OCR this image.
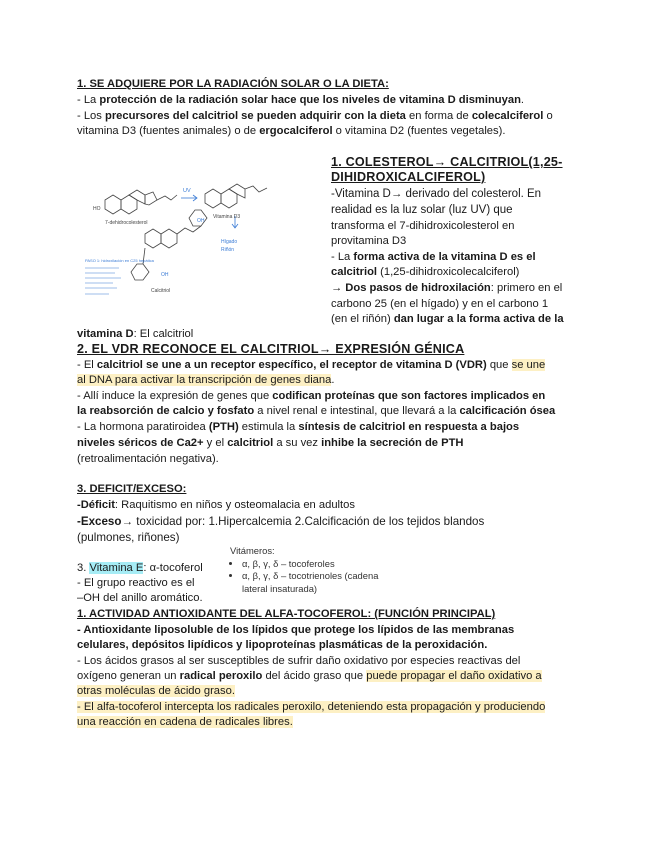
1. SE ADQUIERE POR LA RADIACIÓN SOLAR O LA DIETA:
- La protección de la radiación solar hace que los niveles de vitamina D disminuyan.
- Los precursores del calcitriol se pueden adquirir con la dieta en forma de colecalciferol o
vitamina D3 (fuentes animales) o de ergocalciferol o vitamina D2 (fuentes vegetales).
HO
7-dehidrocolesterol
Vitamina D3
UV
OH
Hígado
Riñón
OH
Calcitriol
PASO 1: hidroxilación en C25 hepática
1. COLESTEROL→ CALCITRIOL(1,25-
DIHIDROXICALCIFEROL)
-Vitamina D→ derivado del colesterol. En
realidad es la luz solar (luz UV) que
transforma el 7-dihidroxicolesterol en
provitamina D3
- La forma activa de la vitamina D es el
calcitriol (1,25-dihidroxicolecalciferol)
→ Dos pasos de hidroxilación: primero en el
carbono 25 (en el hígado) y en el carbono 1
(en el riñón) dan lugar a la forma activa de la
vitamina D: El calcitriol
2. EL VDR RECONOCE EL CALCITRIOL→ EXPRESIÓN GÉNICA
- El calcitriol se une a un receptor específico, el receptor de vitamina D (VDR) que se une
al DNA para activar la transcripción de genes diana.
- Allí induce la expresión de genes que codifican proteínas que son factores implicados en
la reabsorción de calcio y fosfato a nivel renal e intestinal, que llevará a la calcificación ósea
- La hormona paratiroidea (PTH) estimula la síntesis de calcitriol en respuesta a bajos
niveles séricos de Ca2+ y el calcitriol a su vez inhibe la secreción de PTH
(retroalimentación negativa).
3. DEFICIT/EXCESO:
-Déficit: Raquitismo en niños y osteomalacia en adultos
-Exceso→ toxicidad por: 1.Hipercalcemia 2.Calcificación de los tejidos blandos
(pulmones, riñones)
3. Vitamina E: α-tocoferol
- El grupo reactivo es el
–OH del anillo aromático.
Vitámeros:
• α, β, γ, δ – tocoferoles
• α, β, γ, δ – tocotrienoles (cadena lateral insaturada)
1. ACTIVIDAD ANTIOXIDANTE DEL ALFA-TOCOFEROL: (FUNCIÓN PRINCIPAL)
- Antioxidante liposoluble de los lípidos que protege los lípidos de las membranas
celulares, depósitos lipídicos y lipoproteínas plasmáticas de la peroxidación.
- Los ácidos grasos al ser susceptibles de sufrir daño oxidativo por especies reactivas del
oxígeno generan un radical peroxilo del ácido graso que puede propagar el daño oxidativo a
otras moléculas de ácido graso.
- El alfa-tocoferol intercepta los radicales peroxilo, deteniendo esta propagación y produciendo
una reacción en cadena de radicales libres.
